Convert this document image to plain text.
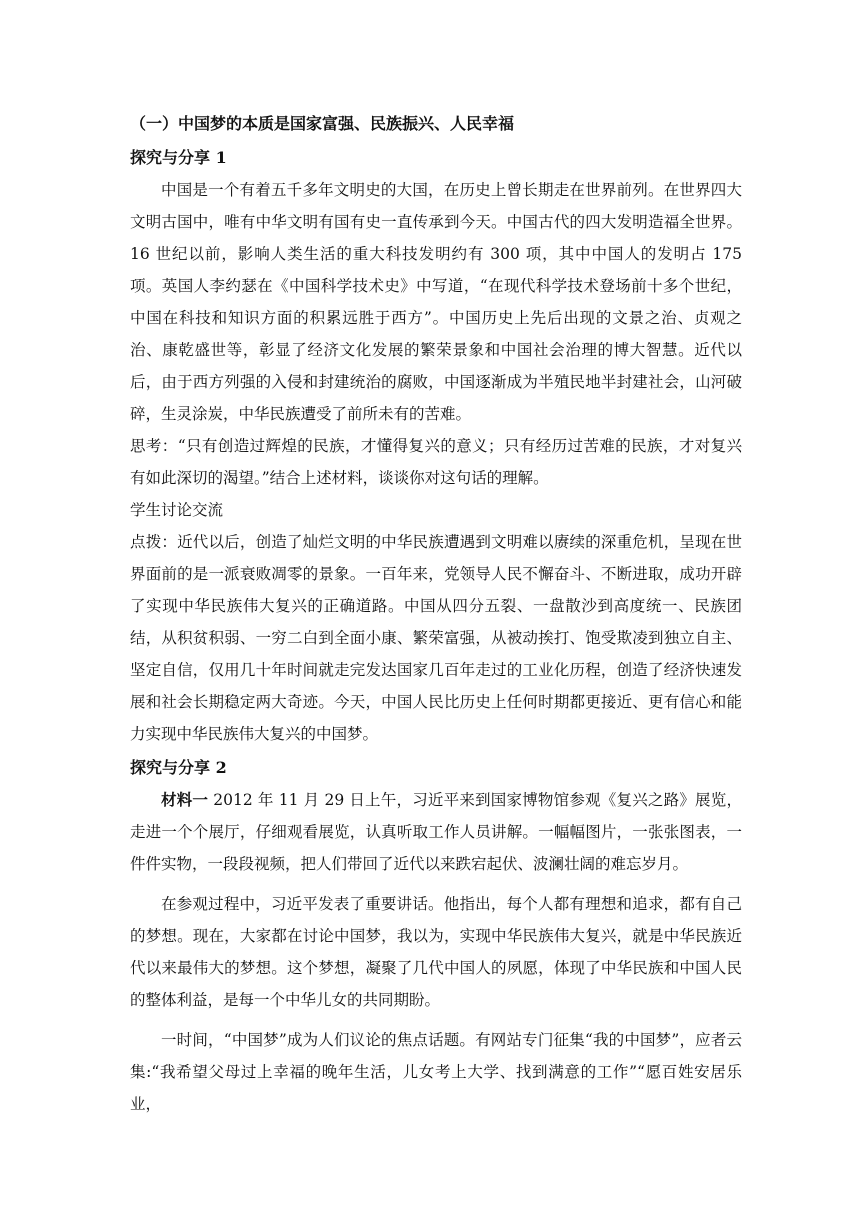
（一）中国梦的本质是国家富强、民族振兴、人民幸福

探究与分享 1

中国是一个有着五千多年文明史的大国，在历史上曾长期走在世界前列。在世界四大文明古国中，唯有中华文明有国有史一直传承到今天。中国古代的四大发明造福全世界。16 世纪以前，影响人类生活的重大科技发明约有 300 项，其中中国人的发明占 175 项。英国人李约瑟在《中国科学技术史》中写道，“在现代科学技术登场前十多个世纪，中国在科技和知识方面的积累远胜于西方”。中国历史上先后出现的文景之治、贞观之治、康乾盛世等，彰显了经济文化发展的繁荣景象和中国社会治理的博大智慧。近代以后，由于西方列强的入侵和封建统治的腐败，中国逐渐成为半殖民地半封建社会，山河破碎，生灵涂炭，中华民族遭受了前所未有的苦难。

思考：“只有创造过辉煌的民族，才懂得复兴的意义；只有经历过苦难的民族，才对复兴有如此深切的渴望。”结合上述材料，谈谈你对这句话的理解。

学生讨论交流

点拨：近代以后，创造了灿烂文明的中华民族遭遇到文明难以赓续的深重危机，呈现在世界面前的是一派衰败凋零的景象。一百年来，党领导人民不懈奋斗、不断进取，成功开辟了实现中华民族伟大复兴的正确道路。中国从四分五裂、一盘散沙到高度统一、民族团结，从积贫积弱、一穷二白到全面小康、繁荣富强，从被动挨打、饱受欺凌到独立自主、坚定自信，仅用几十年时间就走完发达国家几百年走过的工业化历程，创造了经济快速发展和社会长期稳定两大奇迹。今天，中国人民比历史上任何时期都更接近、更有信心和能力实现中华民族伟大复兴的中国梦。

探究与分享 2

材料一 2012 年 11 月 29 日上午，习近平来到国家博物馆参观《复兴之路》展览，走进一个个展厅，仔细观看展览，认真听取工作人员讲解。一幅幅图片，一张张图表，一件件实物，一段段视频，把人们带回了近代以来跌宕起伏、波澜壮阔的难忘岁月。

在参观过程中，习近平发表了重要讲话。他指出，每个人都有理想和追求，都有自己的梦想。现在，大家都在讨论中国梦，我以为，实现中华民族伟大复兴，就是中华民族近代以来最伟大的梦想。这个梦想，凝聚了几代中国人的夙愿，体现了中华民族和中国人民的整体利益，是每一个中华儿女的共同期盼。

一时间，“中国梦”成为人们议论的焦点话题。有网站专门征集“我的中国梦”，应者云集:“我希望父母过上幸福的晚年生活，儿女考上大学、找到满意的工作”“愿百姓安居乐业，
